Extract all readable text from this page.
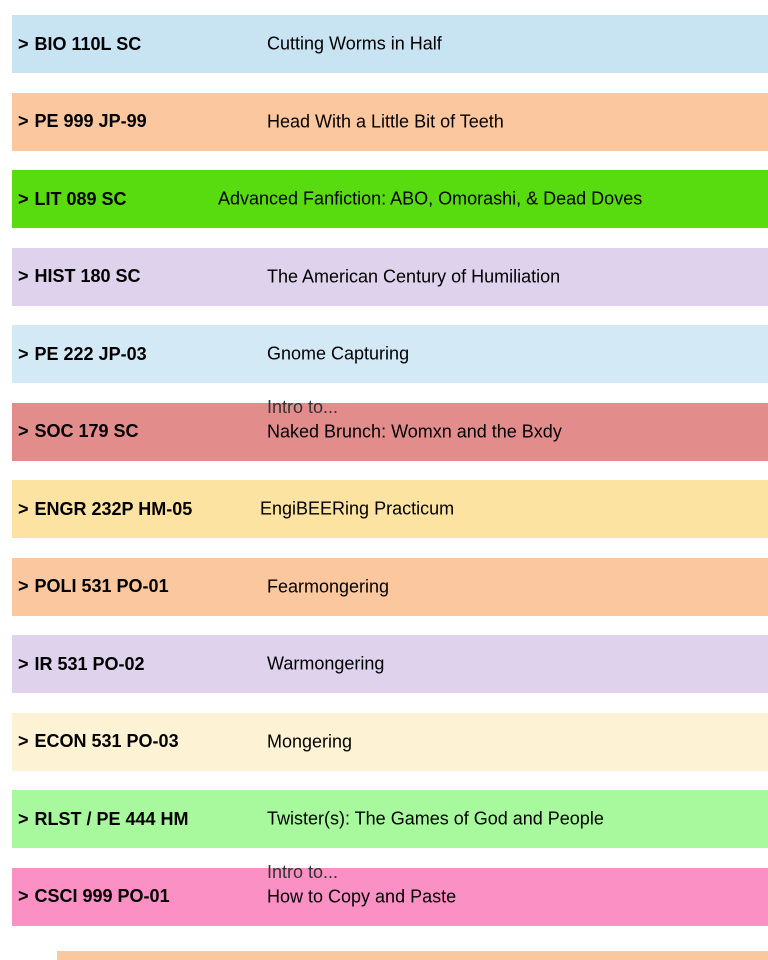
> BIO 110L SC	Cutting Worms in Half
> PE 999 JP-99	Head With a Little Bit of Teeth
> LIT 089 SC	Advanced Fanfiction: ABO, Omorashi, & Dead Doves
> HIST 180 SC	The American Century of Humiliation
> PE 222 JP-03	Gnome Capturing
Intro to...
> SOC 179 SC	Naked Brunch: Womxn and the Bxdy
> ENGR 232P HM-05	EngiBEERing Practicum
> POLI 531 PO-01	Fearmongering
> IR 531 PO-02	Warmongering
> ECON 531 PO-03	Mongering
> RLST / PE 444 HM	Twister(s): The Games of God and People
Intro to...
> CSCI 999 PO-01	How to Copy and Paste
